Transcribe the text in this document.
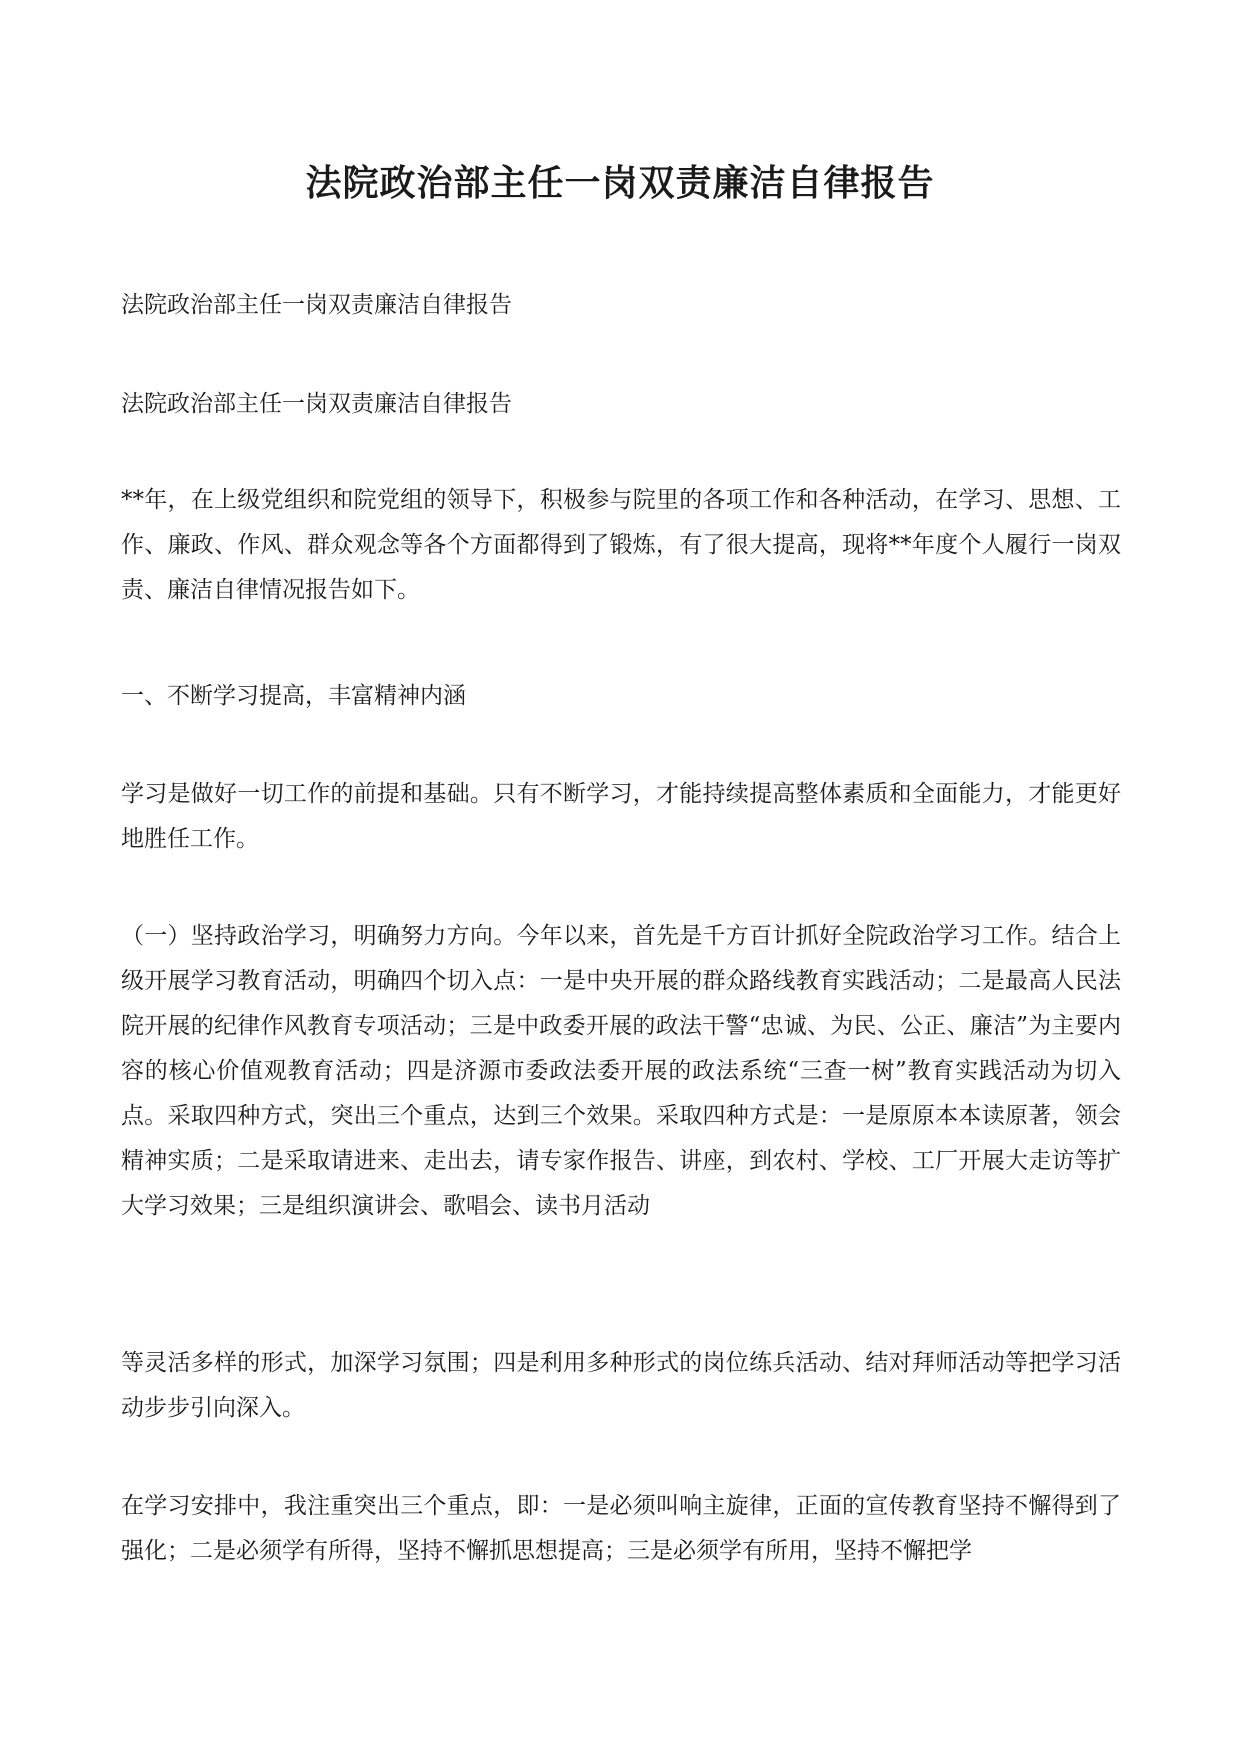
法院政治部主任一岗双责廉洁自律报告

法院政治部主任一岗双责廉洁自律报告

法院政治部主任一岗双责廉洁自律报告

**年，在上级党组织和院党组的领导下，积极参与院里的各项工作和各种活动，在学习、思想、工作、廉政、作风、群众观念等各个方面都得到了锻炼，有了很大提高，现将**年度个人履行一岗双责、廉洁自律情况报告如下。

一、不断学习提高，丰富精神内涵

学习是做好一切工作的前提和基础。只有不断学习，才能持续提高整体素质和全面能力，才能更好地胜任工作。

（一）坚持政治学习，明确努力方向。今年以来，首先是千方百计抓好全院政治学习工作。结合上级开展学习教育活动，明确四个切入点：一是中央开展的群众路线教育实践活动；二是最高人民法院开展的纪律作风教育专项活动；三是中政委开展的政法干警“忠诚、为民、公正、廉洁”为主要内容的核心价值观教育活动；四是济源市委政法委开展的政法系统“三查一树”教育实践活动为切入点。采取四种方式，突出三个重点，达到三个效果。采取四种方式是：一是原原本本读原著，领会精神实质；二是采取请进来、走出去，请专家作报告、讲座，到农村、学校、工厂开展大走访等扩大学习效果；三是组织演讲会、歌唱会、读书月活动

等灵活多样的形式，加深学习氛围；四是利用多种形式的岗位练兵活动、结对拜师活动等把学习活动步步引向深入。

在学习安排中，我注重突出三个重点，即：一是必须叫响主旋律，正面的宣传教育坚持不懈得到了强化；二是必须学有所得，坚持不懈抓思想提高；三是必须学有所用，坚持不懈把学
